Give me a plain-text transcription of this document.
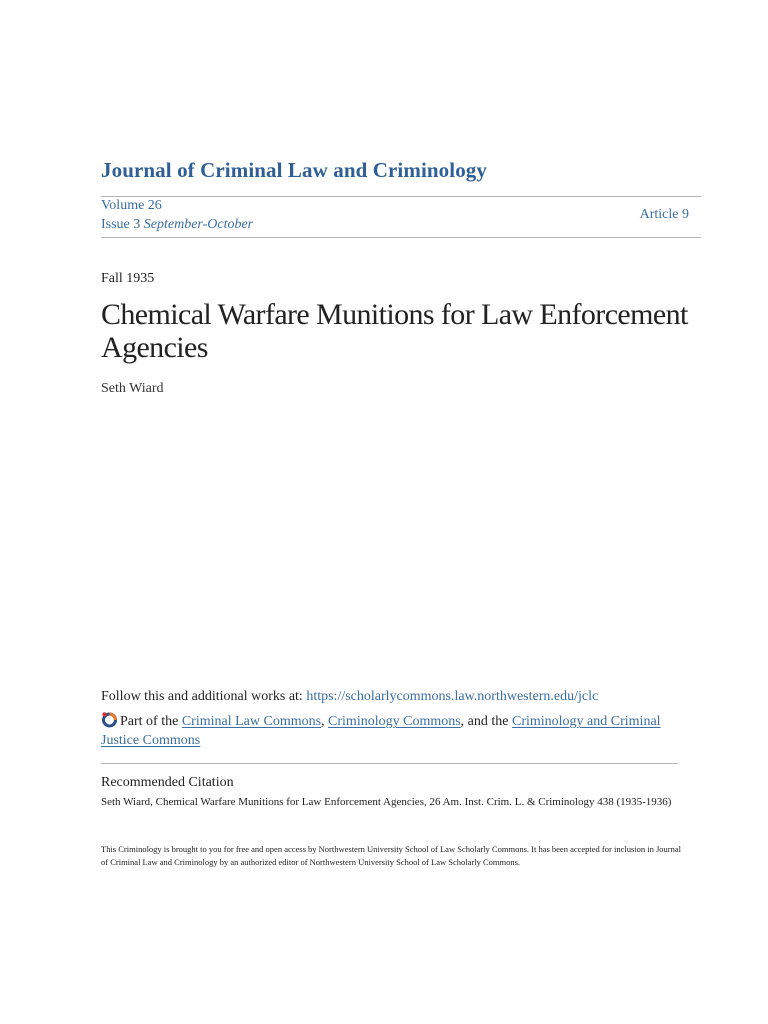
Journal of Criminal Law and Criminology
Volume 26
Issue 3 September-October
Article 9
Fall 1935
Chemical Warfare Munitions for Law Enforcement Agencies
Seth Wiard
Follow this and additional works at: https://scholarlycommons.law.northwestern.edu/jclc
Part of the Criminal Law Commons, Criminology Commons, and the Criminology and Criminal Justice Commons
Recommended Citation
Seth Wiard, Chemical Warfare Munitions for Law Enforcement Agencies, 26 Am. Inst. Crim. L. & Criminology 438 (1935-1936)
This Criminology is brought to you for free and open access by Northwestern University School of Law Scholarly Commons. It has been accepted for inclusion in Journal of Criminal Law and Criminology by an authorized editor of Northwestern University School of Law Scholarly Commons.
